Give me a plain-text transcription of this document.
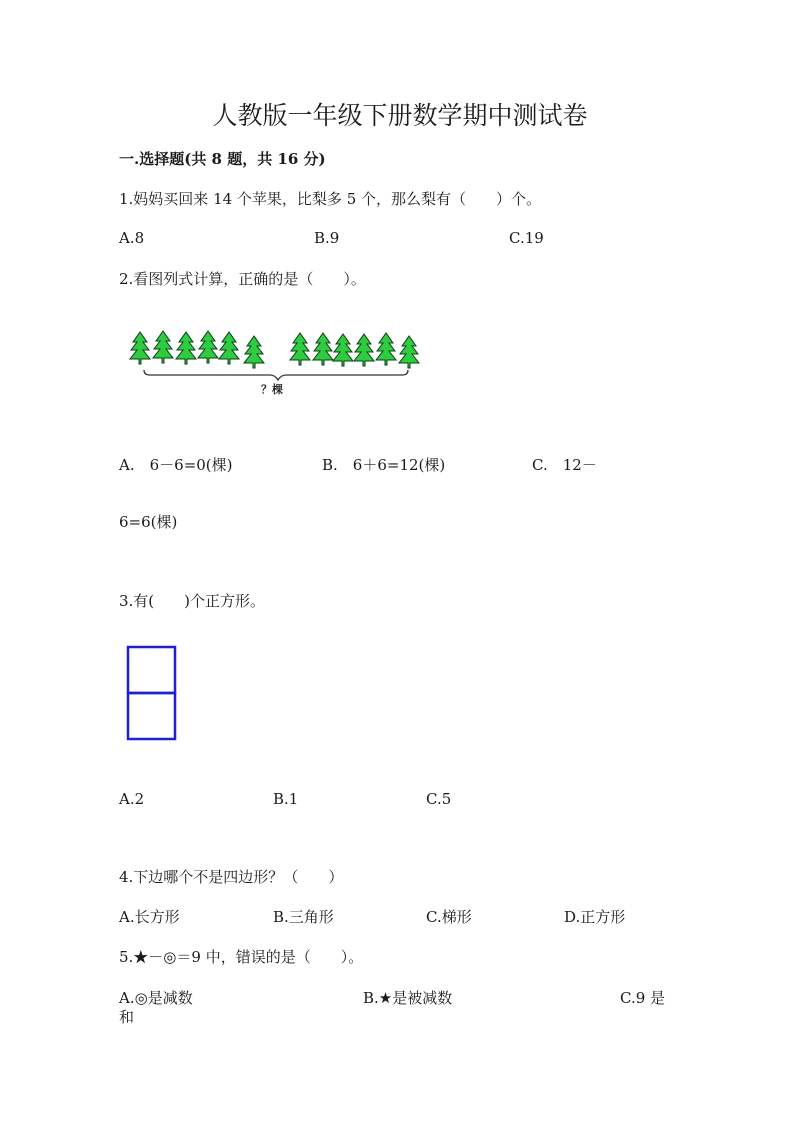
人教版一年级下册数学期中测试卷
一.选择题(共 8 题，共 16 分)
1.妈妈买回来 14 个苹果，比梨多 5 个，那么梨有（　　）个。
A.8	B.9	C.19
2.看图列式计算，正确的是（　　）。
？棵
A.　6－6=0(棵)	B.　6＋6=12(棵)	C.　12－
6=6(棵)
3.有(　　)个正方形。
A.2	B.1	C.5
4.下边哪个不是四边形？（　　）
A.长方形	B.三角形	C.梯形	D.正方形
5.★－◎＝9 中，错误的是（　　）。
A.◎是减数	B.★是被减数	C.9 是
和
